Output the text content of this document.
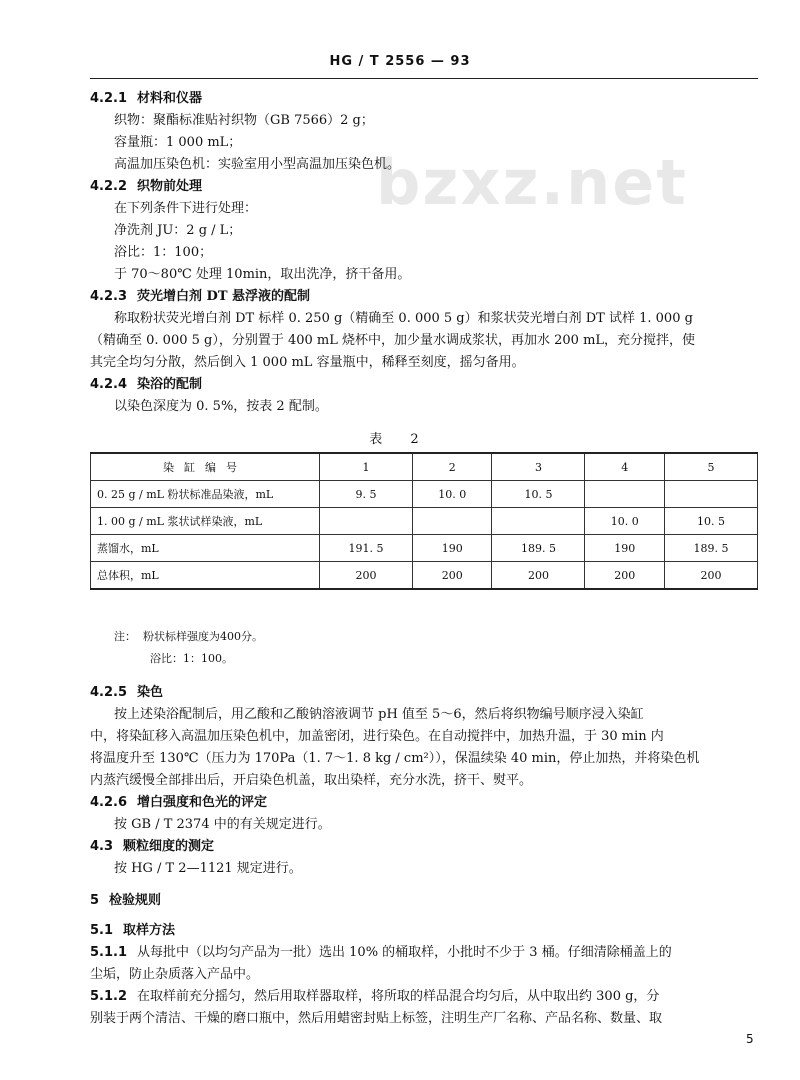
HG / T 2556 — 93
bzxz.net
4.2.1 材料和仪器
织物：聚酯标准贴衬织物（GB 7566）2 g；
容量瓶：1 000 mL；
高温加压染色机：实验室用小型高温加压染色机。
4.2.2 织物前处理
在下列条件下进行处理：
净洗剂 JU：2 g / L；
浴比：1：100；
于 70～80℃ 处理 10min，取出洗净，挤干备用。
4.2.3 荧光增白剂 DT 悬浮液的配制
称取粉状荧光增白剂 DT 标样 0. 250 g（精确至 0. 000 5 g）和浆状荧光增白剂 DT 试样 1. 000 g
（精确至 0. 000 5 g），分别置于 400 mL 烧杯中，加少量水调成浆状，再加水 200 mL，充分搅拌，使
其完全均匀分散，然后倒入 1 000 mL 容量瓶中，稀释至刻度，摇匀备用。
4.2.4 染浴的配制
以染色深度为 0. 5%，按表 2 配制。
表 2
染缸编号	1	2	3	4	5
0. 25 g / mL 粉状标准品染液，mL	9. 5	10. 0	10. 5		
1. 00 g / mL 浆状试样染液，mL				10. 0	10. 5
蒸馏水，mL	191. 5	190	189. 5	190	189. 5
总体积，mL	200	200	200	200	200
注： 粉状标样强度为400分。
浴比：1：100。
4.2.5 染色
按上述染浴配制后，用乙酸和乙酸钠溶液调节 pH 值至 5～6，然后将织物编号顺序浸入染缸
中，将染缸移入高温加压染色机中，加盖密闭，进行染色。在自动搅拌中，加热升温，于 30 min 内
将温度升至 130℃（压力为 170Pa（1. 7～1. 8 kg / cm²）），保温续染 40 min，停止加热，并将染色机
内蒸汽缓慢全部排出后，开启染色机盖，取出染样，充分水洗，挤干、熨平。
4.2.6 增白强度和色光的评定
按 GB / T 2374 中的有关规定进行。
4.3 颗粒细度的测定
按 HG / T 2—1121 规定进行。
5 检验规则
5.1 取样方法
5.1.1 从每批中（以均匀产品为一批）选出 10% 的桶取样，小批时不少于 3 桶。仔细清除桶盖上的
尘垢，防止杂质落入产品中。
5.1.2 在取样前充分摇匀，然后用取样器取样，将所取的样品混合均匀后，从中取出约 300 g，分
别装于两个清洁、干燥的磨口瓶中，然后用蜡密封贴上标签，注明生产厂名称、产品名称、数量、取
5
